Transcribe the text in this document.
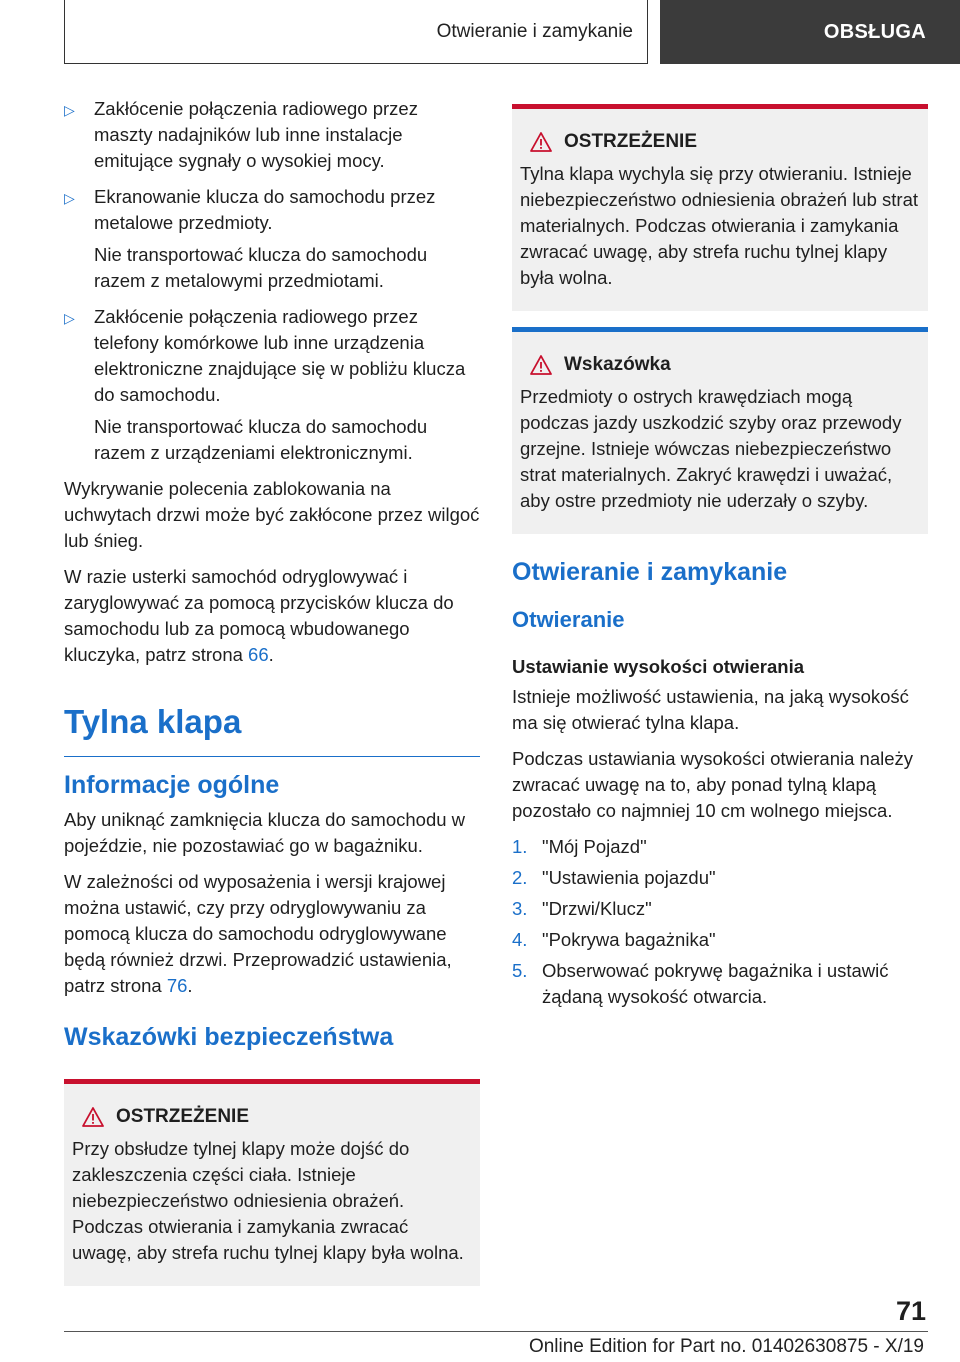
Otwieranie i zamykanie	OBSŁUGA
▷ Zakłócenie połączenia radiowego przez maszty nadajników lub inne instalacje emitujące sygnały o wysokiej mocy.

▷ Ekranowanie klucza do samochodu przez metalowe przedmioty.

Nie transportować klucza do samochodu razem z metalowymi przedmiotami.

▷ Zakłócenie połączenia radiowego przez telefony komórkowe lub inne urządzenia elektroniczne znajdujące się w pobliżu klucza do samochodu.

Nie transportować klucza do samochodu razem z urządzeniami elektronicznymi.

Wykrywanie polecenia zablokowania na uchwytach drzwi może być zakłócone przez wilgoć lub śnieg.

W razie usterki samochód odryglowywać i zaryglowywać za pomocą przycisków klucza do samochodu lub za pomocą wbudowanego kluczyka, patrz strona 66.

Tylna klapa
Informacje ogólne

Aby uniknąć zamknięcia klucza do samochodu w pojeździe, nie pozostawiać go w bagażniku.

W zależności od wyposażenia i wersji krajowej można ustawić, czy przy odryglowywaniu za pomocą klucza do samochodu odryglowywane będą również drzwi. Przeprowadzić ustawienia, patrz strona 76.

Wskazówki bezpieczeństwa
OSTRZEŻENIE

Przy obsłudze tylnej klapy może dojść do zakleszczenia części ciała. Istnieje niebezpieczeństwo odniesienia obrażeń. Podczas otwierania i zamykania zwracać uwagę, aby strefa ruchu tylnej klapy była wolna.

OSTRZEŻENIE

Tylna klapa wychyla się przy otwieraniu. Istnieje niebezpieczeństwo odniesienia obrażeń lub strat materialnych. Podczas otwierania i zamykania zwracać uwagę, aby strefa ruchu tylnej klapy była wolna.

Wskazówka

Przedmioty o ostrych krawędziach mogą podczas jazdy uszkodzić szyby oraz przewody grzejne. Istnieje wówczas niebezpieczeństwo strat materialnych. Zakryć krawędzi i uważać, aby ostre przedmioty nie uderzały o szyby.

Otwieranie i zamykanie
Otwieranie
Ustawianie wysokości otwierania

Istnieje możliwość ustawienia, na jaką wysokość ma się otwierać tylna klapa.

Podczas ustawiania wysokości otwierania należy zwracać uwagę na to, aby ponad tylną klapą pozostało co najmniej 10 cm wolnego miejsca.

1. "Mój Pojazd"
2. "Ustawienia pojazdu"
3. "Drzwi/Klucz"
4. "Pokrywa bagażnika"
5. Obserwować pokrywę bagażnika i ustawić żądaną wysokość otwarcia.
71
Online Edition for Part no. 01402630875 - X/19
